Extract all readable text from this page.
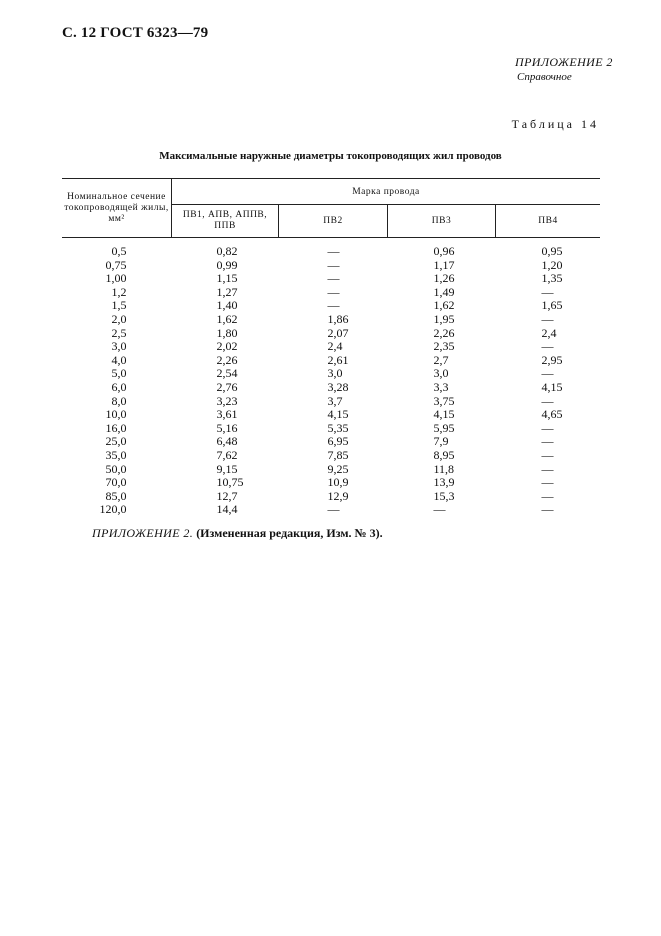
С. 12 ГОСТ 6323—79
ПРИЛОЖЕНИЕ 2
Справочное
Таблица 14
Максимальные наружные диаметры токопроводящих жил проводов
Номинальное сечение токопроводящей жилы, мм²	Марка провода			
	ПВ1, АПВ, АППВ, ППВ	ПВ2	ПВ3	ПВ4
0,5	0,82	—	0,96	0,95
0,75	0,99	—	1,17	1,20
1,00	1,15	—	1,26	1,35
1,2	1,27	—	1,49	—
1,5	1,40	—	1,62	1,65
2,0	1,62	1,86	1,95	—
2,5	1,80	2,07	2,26	2,4
3,0	2,02	2,4	2,35	—
4,0	2,26	2,61	2,7	2,95
5,0	2,54	3,0	3,0	—
6,0	2,76	3,28	3,3	4,15
8,0	3,23	3,7	3,75	—
10,0	3,61	4,15	4,15	4,65
16,0	5,16	5,35	5,95	—
25,0	6,48	6,95	7,9	—
35,0	7,62	7,85	8,95	—
50,0	9,15	9,25	11,8	—
70,0	10,75	10,9	13,9	—
85,0	12,7	12,9	15,3	—
120,0	14,4	—	—	—
ПРИЛОЖЕНИЕ 2. (Измененная редакция, Изм. № 3).
